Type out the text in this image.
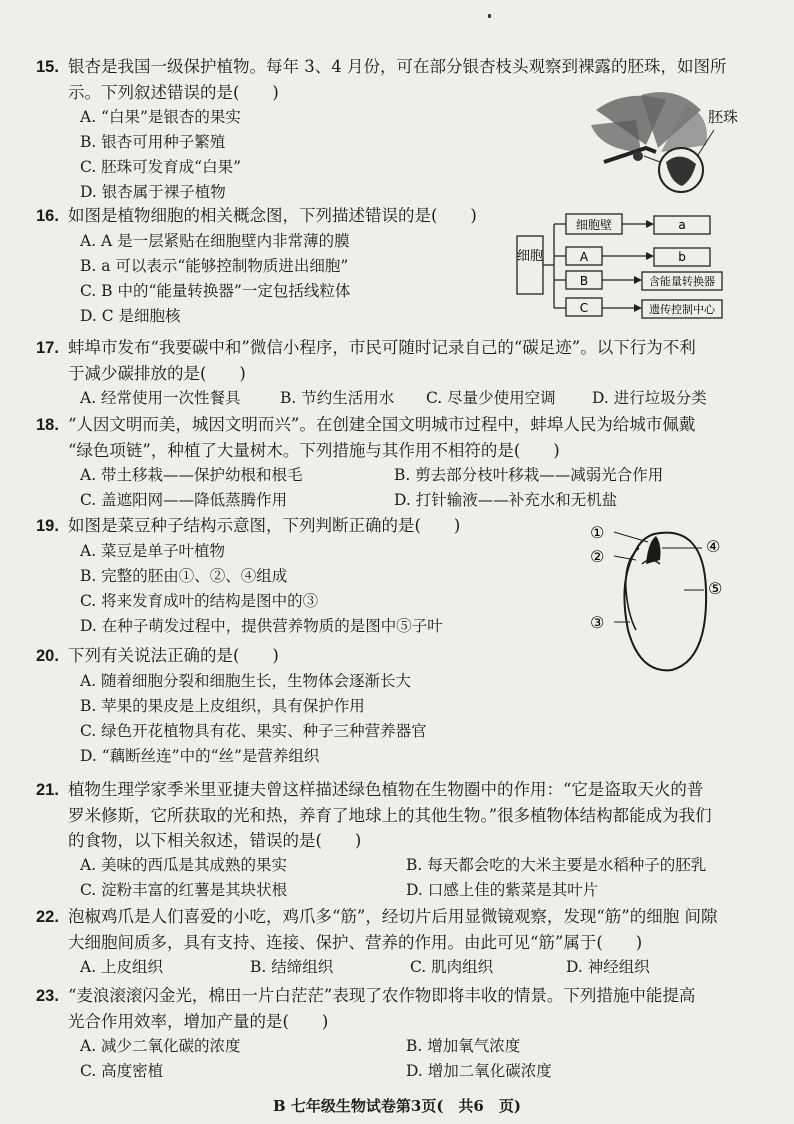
15. 银杏是我国一级保护植物。每年 3、4 月份，可在部分银杏枝头观察到裸露的胚珠，如图所
示。下列叙述错误的是(　　)
A. “白果”是银杏的果实
B. 银杏可用种子繁殖
C. 胚珠可发育成“白果”
D. 银杏属于裸子植物
胚珠
16. 如图是植物细胞的相关概念图，下列描述错误的是(　　)
A. A 是一层紧贴在细胞壁内非常薄的膜
B. a 可以表示“能够控制物质进出细胞”
C. B 中的“能量转换器”一定包括线粒体
D. C 是细胞核
细胞
细胞壁
A
B
C
a
b
含能量转换器
遗传控制中心
17. 蚌埠市发布“我要碳中和”微信小程序，市民可随时记录自己的“碳足迹”。以下行为不利
于减少碳排放的是(　　)
A. 经常使用一次性餐具	B. 节约生活用水 C. 尽量少使用空调 D. 进行垃圾分类
18. “人因文明而美，城因文明而兴”。在创建全国文明城市过程中，蚌埠人民为给城市佩戴
“绿色项链”，种植了大量树木。下列措施与其作用不相符的是(　　)
A. 带土移栽——保护幼根和根毛	B. 剪去部分枝叶移栽——减弱光合作用
C. 盖遮阳网——降低蒸腾作用	D. 打针输液——补充水和无机盐
19. 如图是菜豆种子结构示意图，下列判断正确的是(　　)
A. 菜豆是单子叶植物
B. 完整的胚由①、②、④组成
C. 将来发育成叶的结构是图中的③
D. 在种子萌发过程中，提供营养物质的是图中⑤子叶
①
②
③
④
⑤
20. 下列有关说法正确的是(　　)
A. 随着细胞分裂和细胞生长，生物体会逐渐长大
B. 苹果的果皮是上皮组织，具有保护作用
C. 绿色开花植物具有花、果实、种子三种营养器官
D. “藕断丝连”中的“丝”是营养组织
21. 植物生理学家季米里亚捷夫曾这样描述绿色植物在生物圈中的作用：“它是盗取天火的普
罗米修斯，它所获取的光和热，养育了地球上的其他生物。”很多植物体结构都能成为我们
的食物，以下相关叙述，错误的是(　　)
A. 美味的西瓜是其成熟的果实	B. 每天都会吃的大米主要是水稻种子的胚乳
C. 淀粉丰富的红薯是其块状根	D. 口感上佳的紫菜是其叶片
22. 泡椒鸡爪是人们喜爱的小吃，鸡爪多“筋”，经切片后用显微镜观察，发现“筋”的细胞 间隙
大细胞间质多，具有支持、连接、保护、营养的作用。由此可见“筋”属于(　　)
A. 上皮组织	B. 结缔组织	C. 肌肉组织	D. 神经组织
23. “麦浪滚滚闪金光，棉田一片白茫茫”表现了农作物即将丰收的情景。下列措施中能提高
光合作用效率，增加产量的是(　　)
A. 减少二氧化碳的浓度	B. 增加氧气浓度
C. 高度密植	D. 增加二氧化碳浓度
B 七年级生物试卷第3页(　共6　页)
